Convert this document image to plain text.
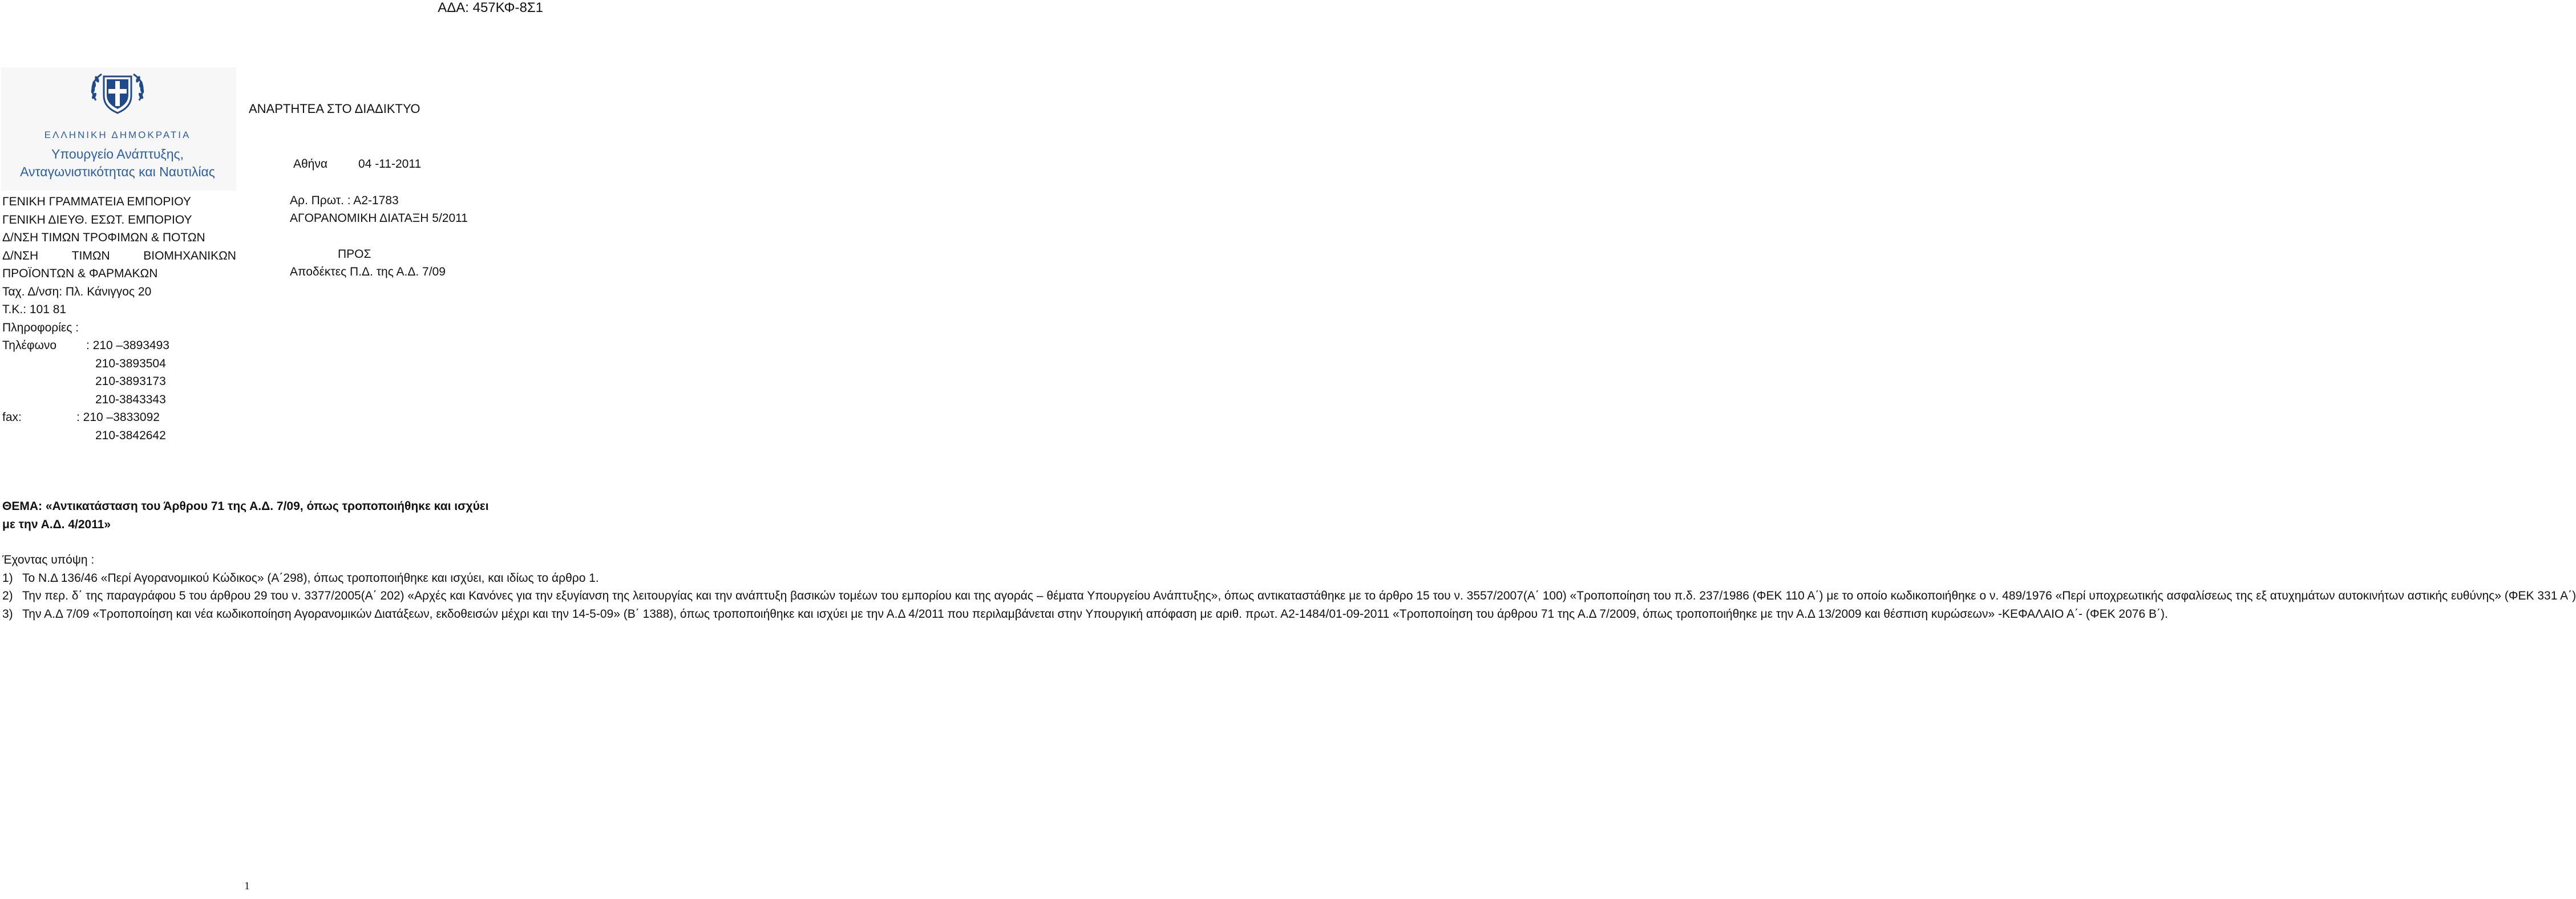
ΑΔΑ: 457ΚΦ-8Σ1
ΕΛΛΗΝΙΚΗ ΔΗΜΟΚΡΑΤΙΑ
Υπουργείο Ανάπτυξης,
Ανταγωνιστικότητας και Ναυτιλίας
ΑΝΑΡΤΗΤΕΑ ΣΤΟ ΔΙΑΔΙΚΤΥΟ
ΓΕΝΙΚΗ ΓΡΑΜΜΑΤΕΙΑ ΕΜΠΟΡΙΟΥ
ΓΕΝΙΚΗ ΔΙΕΥΘ. ΕΣΩΤ. ΕΜΠΟΡΙΟΥ
Δ/ΝΣΗ ΤΙΜΩΝ ΤΡΟΦΙΜΩΝ & ΠΟΤΩΝ
Δ/ΝΣΗ	ΤΙΜΩΝ	ΒΙΟΜΗΧΑΝΙΚΩΝ
ΠΡΟΪΟΝΤΩΝ & ΦΑΡΜΑΚΩΝ
Ταχ. Δ/νση: Πλ. Κάνιγγος 20
Τ.Κ.: 101 81
Πληροφορίες :
Τηλέφωνο : 210 –3893493
210-3893504
210-3893173
210-3843343
fax:	: 210 –3833092
210-3842642
Αθήνα	04 -11-2011
Αρ. Πρωτ. : Α2-1783
ΑΓΟΡΑΝΟΜΙΚΗ ΔΙΑΤΑΞΗ 5/2011
ΠΡΟΣ
Αποδέκτες Π.Δ. της Α.Δ. 7/09
ΘΕΜΑ: «Αντικατάσταση του Άρθρου 71 της Α.Δ. 7/09, όπως τροποποιήθηκε και ισχύει με την Α.Δ. 4/2011»
Έχοντας υπόψη :
1) Το Ν.Δ 136/46 «Περί Αγορανομικού Κώδικος» (Α΄298), όπως τροποποιήθηκε και ισχύει, και ιδίως το άρθρο 1.
2) Την περ. δ΄ της παραγράφου 5 του άρθρου 29 του ν. 3377/2005(Α΄ 202) «Αρχές και Κανόνες για την εξυγίανση της λειτουργίας και την ανάπτυξη βασικών τομέων του εμπορίου και της αγοράς – θέματα Υπουργείου Ανάπτυξης», όπως αντικαταστάθηκε με το άρθρο 15 του ν. 3557/2007(Α΄ 100) «Τροποποίηση του π.δ. 237/1986 (ΦΕΚ 110 Α΄) με το οποίο κωδικοποιήθηκε ο ν. 489/1976 «Περί υποχρεωτικής ασφαλίσεως της εξ ατυχημάτων αυτοκινήτων αστικής ευθύνης» (ΦΕΚ 331 Α΄)
3) Την Α.Δ 7/09 «Τροποποίηση και νέα κωδικοποίηση Αγορανομικών Διατάξεων, εκδοθεισών μέχρι και την 14-5-09» (Β΄ 1388), όπως τροποποιήθηκε και ισχύει με την Α.Δ 4/2011 που περιλαμβάνεται στην Υπουργική απόφαση με αριθ. πρωτ. Α2-1484/01-09-2011 «Τροποποίηση του άρθρου 71 της Α.Δ 7/2009, όπως τροποποιήθηκε με την Α.Δ 13/2009 και θέσπιση κυρώσεων» -ΚΕΦΑΛΑΙΟ Α΄- (ΦΕΚ 2076 Β΄).
1
